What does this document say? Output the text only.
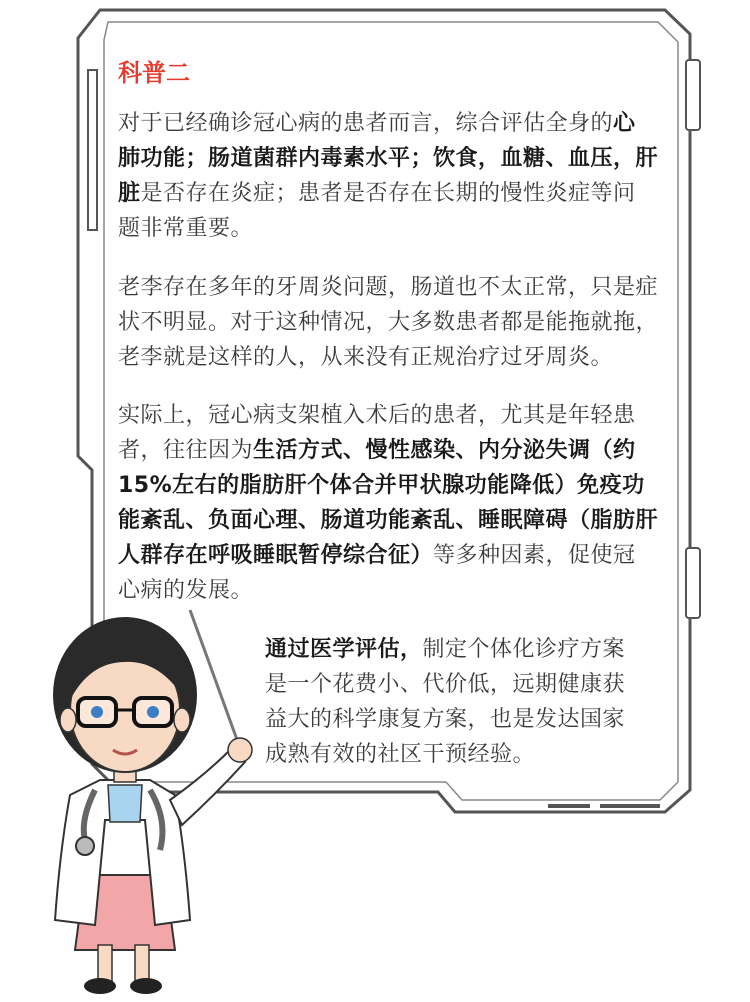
科普二

对于已经确诊冠心病的患者而言，综合评估全身的心肺功能；肠道菌群内毒素水平；饮食，血糖、血压，肝脏是否存在炎症；患者是否存在长期的慢性炎症等问题非常重要。

老李存在多年的牙周炎问题，肠道也不太正常，只是症状不明显。对于这种情况，大多数患者都是能拖就拖，老李就是这样的人，从来没有正规治疗过牙周炎。

实际上，冠心病支架植入术后的患者，尤其是年轻患者，往往因为生活方式、慢性感染、内分泌失调（约15%左右的脂肪肝个体合并甲状腺功能降低）免疫功能紊乱、负面心理、肠道功能紊乱、睡眠障碍（脂肪肝人群存在呼吸睡眠暂停综合征）等多种因素，促使冠心病的发展。

通过医学评估，制定个体化诊疗方案是一个花费小、代价低，远期健康获益大的科学康复方案，也是发达国家成熟有效的社区干预经验。
